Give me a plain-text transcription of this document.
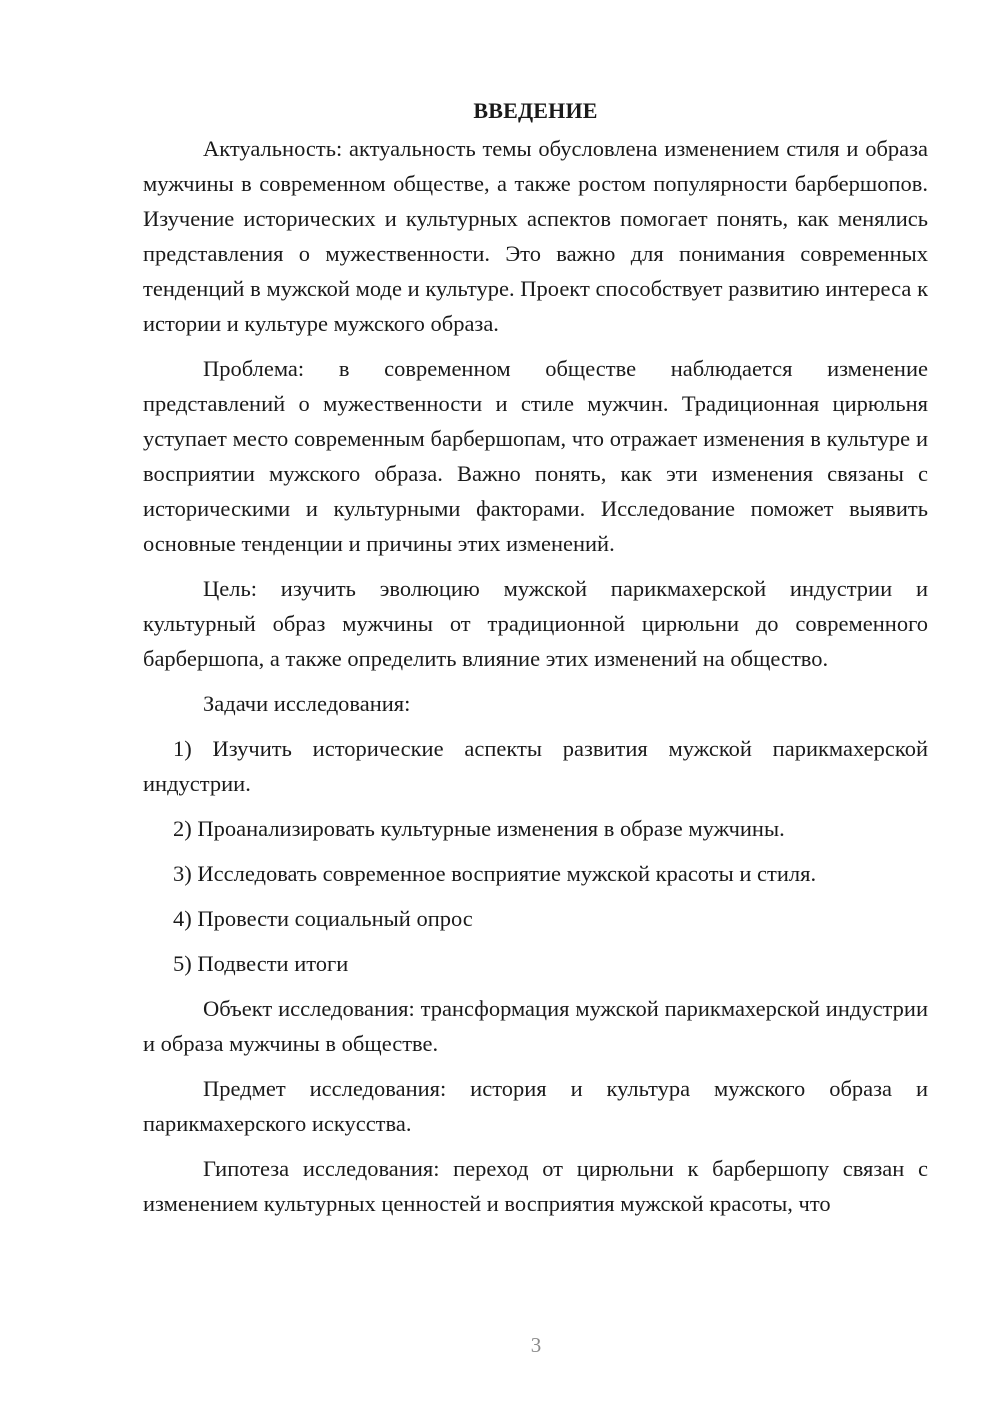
ВВЕДЕНИЕ

Актуальность: актуальность темы обусловлена изменением стиля и образа мужчины в современном обществе, а также ростом популярности барбершопов. Изучение исторических и культурных аспектов помогает понять, как менялись представления о мужественности. Это важно для понимания современных тенденций в мужской моде и культуре. Проект способствует развитию интереса к истории и культуре мужского образа.

Проблема: в современном обществе наблюдается изменение представлений о мужественности и стиле мужчин. Традиционная цирюльня уступает место современным барбершопам, что отражает изменения в культуре и восприятии мужского образа. Важно понять, как эти изменения связаны с историческими и культурными факторами. Исследование поможет выявить основные тенденции и причины этих изменений.

Цель: изучить эволюцию мужской парикмахерской индустрии и культурный образ мужчины от традиционной цирюльни до современного барбершопа, а также определить влияние этих изменений на общество.

Задачи исследования:

1) Изучить исторические аспекты развития мужской парикмахерской индустрии.

2) Проанализировать культурные изменения в образе мужчины.

3) Исследовать современное восприятие мужской красоты и стиля.

4) Провести социальный опрос

5) Подвести итоги

Объект исследования: трансформация мужской парикмахерской индустрии и образа мужчины в обществе.

Предмет исследования: история и культура мужского образа и парикмахерского искусства.

Гипотеза исследования: переход от цирюльни к барбершопу связан с изменением культурных ценностей и восприятия мужской красоты, что

3
